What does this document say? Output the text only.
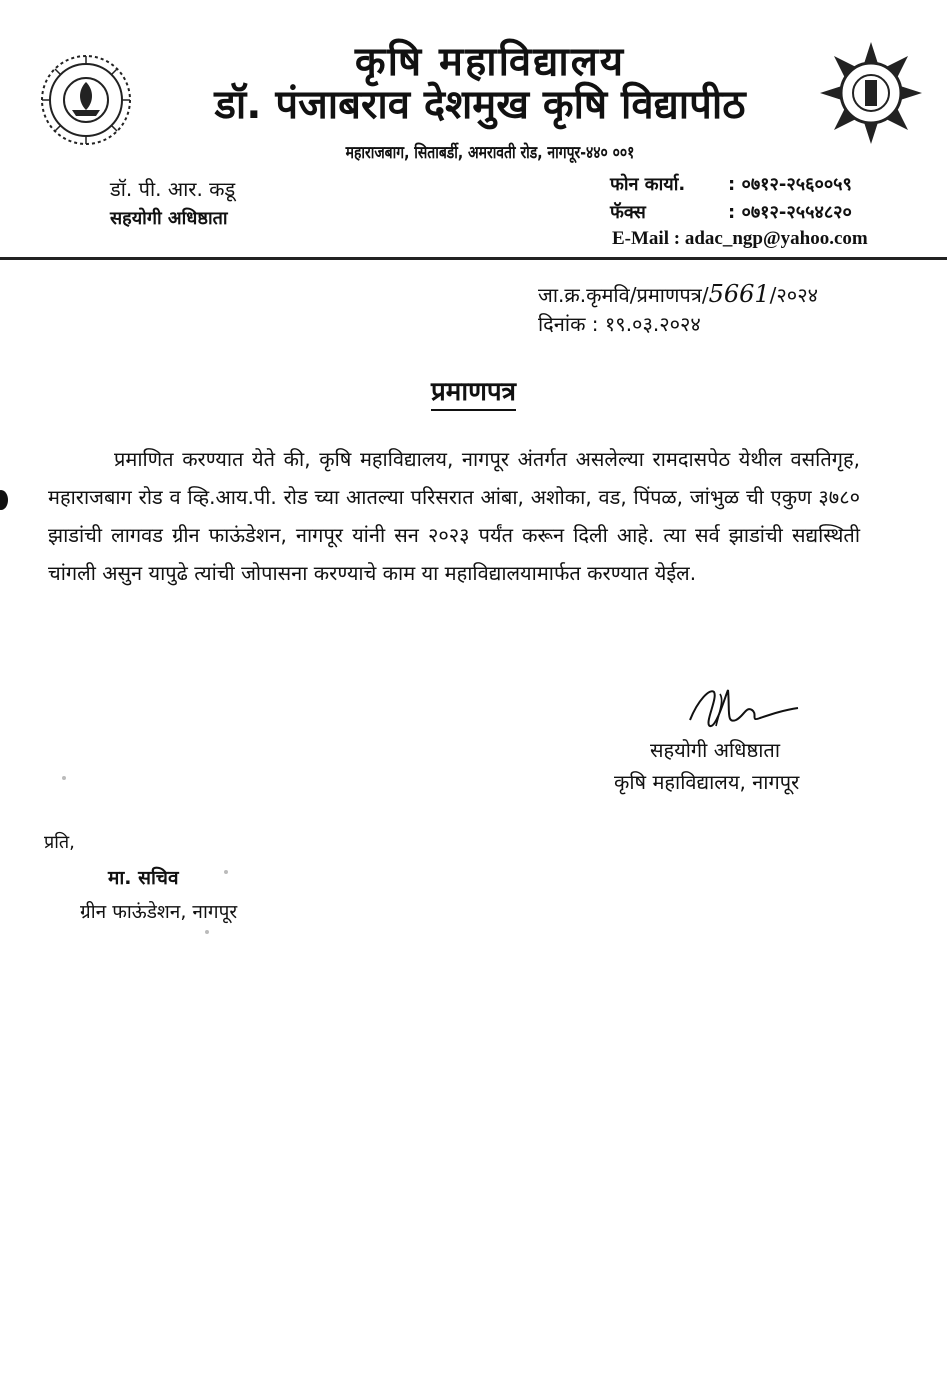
कृषि महाविद्यालय
डॉ. पंजाबराव देशमुख कृषि विद्यापीठ
महाराजबाग, सिताबर्डी, अमरावती रोड, नागपूर-४४० ००१
डॉ. पी. आर. कडू
सहयोगी अधिष्ठाता
फोन कार्या. : ०७१२-२५६००५९
फॅक्स	: ०७१२-२५५४८२०
E-Mail : adac_ngp@yahoo.com
जा.क्र.कृमवि/प्रमाणपत्र/5661/२०२४
दिनांक : १९.०३.२०२४
प्रमाणपत्र

प्रमाणित करण्यात येते की, कृषि महाविद्यालय, नागपूर अंतर्गत असलेल्या रामदासपेठ येथील वसतिगृह, महाराजबाग रोड व व्हि.आय.पी. रोड च्या आतल्या परिसरात आंबा, अशोका, वड, पिंपळ, जांभुळ ची एकुण ३७८० झाडांची लागवड ग्रीन फाऊंडेशन, नागपूर यांनी सन २०२३ पर्यंत करून दिली आहे. त्या सर्व झाडांची सद्यस्थिती चांगली असुन यापुढे त्यांची जोपासना करण्याचे काम या महाविद्यालयामार्फत करण्यात येईल.

सहयोगी अधिष्ठाता
कृषि महाविद्यालय, नागपूर
प्रति,
मा. सचिव
ग्रीन फाऊंडेशन, नागपूर
